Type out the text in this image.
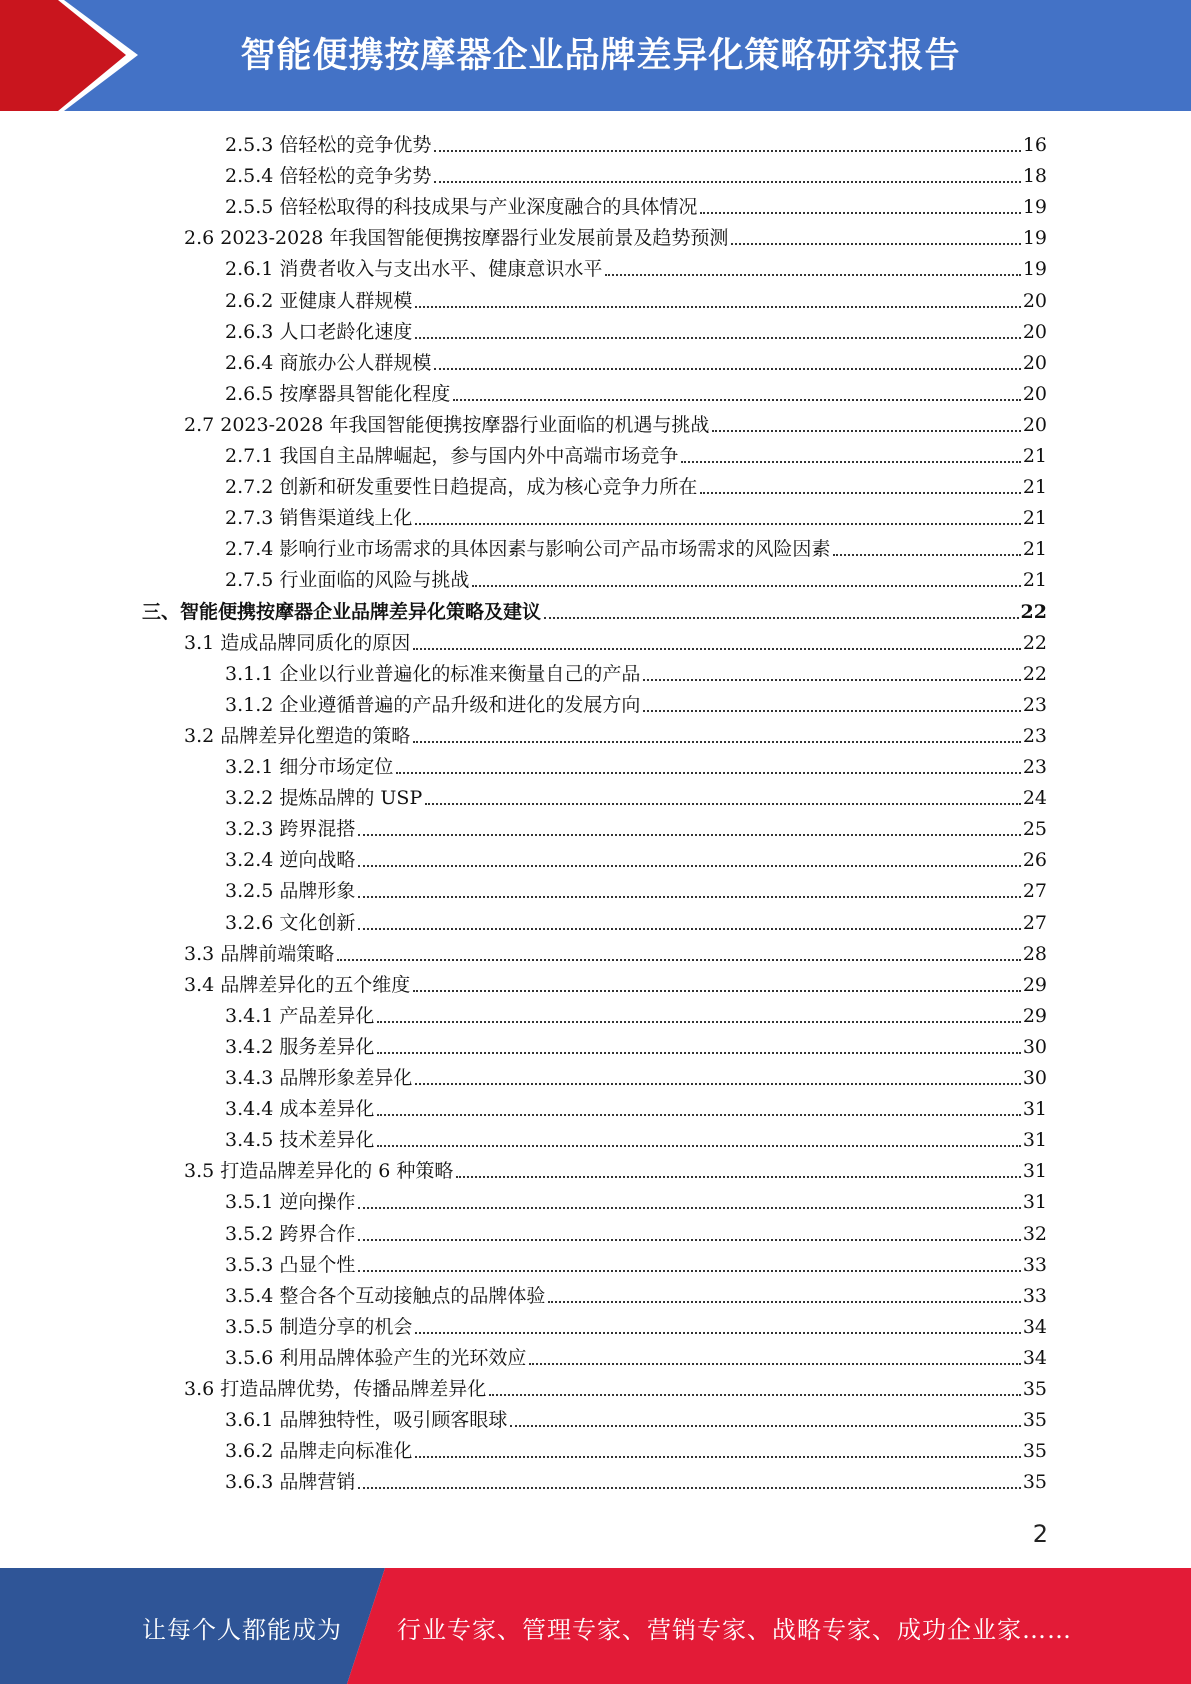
智能便携按摩器企业品牌差异化策略研究报告
2.5.3 倍轻松的竞争优势	16
2.5.4 倍轻松的竞争劣势	18
2.5.5 倍轻松取得的科技成果与产业深度融合的具体情况	19
2.6 2023-2028 年我国智能便携按摩器行业发展前景及趋势预测	19
2.6.1 消费者收入与支出水平、健康意识水平	19
2.6.2 亚健康人群规模	20
2.6.3 人口老龄化速度	20
2.6.4 商旅办公人群规模	20
2.6.5 按摩器具智能化程度	20
2.7 2023-2028 年我国智能便携按摩器行业面临的机遇与挑战	20
2.7.1 我国自主品牌崛起，参与国内外中高端市场竞争	21
2.7.2 创新和研发重要性日趋提高，成为核心竞争力所在	21
2.7.3 销售渠道线上化	21
2.7.4 影响行业市场需求的具体因素与影响公司产品市场需求的风险因素	21
2.7.5 行业面临的风险与挑战	21
三、智能便携按摩器企业品牌差异化策略及建议	22
3.1 造成品牌同质化的原因	22
3.1.1 企业以行业普遍化的标准来衡量自己的产品	22
3.1.2 企业遵循普遍的产品升级和进化的发展方向	23
3.2 品牌差异化塑造的策略	23
3.2.1 细分市场定位	23
3.2.2 提炼品牌的 USP	24
3.2.3 跨界混搭	25
3.2.4 逆向战略	26
3.2.5 品牌形象	27
3.2.6 文化创新	27
3.3 品牌前端策略	28
3.4 品牌差异化的五个维度	29
3.4.1 产品差异化	29
3.4.2 服务差异化	30
3.4.3 品牌形象差异化	30
3.4.4 成本差异化	31
3.4.5 技术差异化	31
3.5 打造品牌差异化的 6 种策略	31
3.5.1 逆向操作	31
3.5.2 跨界合作	32
3.5.3 凸显个性	33
3.5.4 整合各个互动接触点的品牌体验	33
3.5.5 制造分享的机会	34
3.5.6 利用品牌体验产生的光环效应	34
3.6 打造品牌优势，传播品牌差异化	35
3.6.1 品牌独特性，吸引顾客眼球	35
3.6.2 品牌走向标准化	35
3.6.3 品牌营销	35
2
让每个人都能成为 行业专家、管理专家、营销专家、战略专家、成功企业家……
